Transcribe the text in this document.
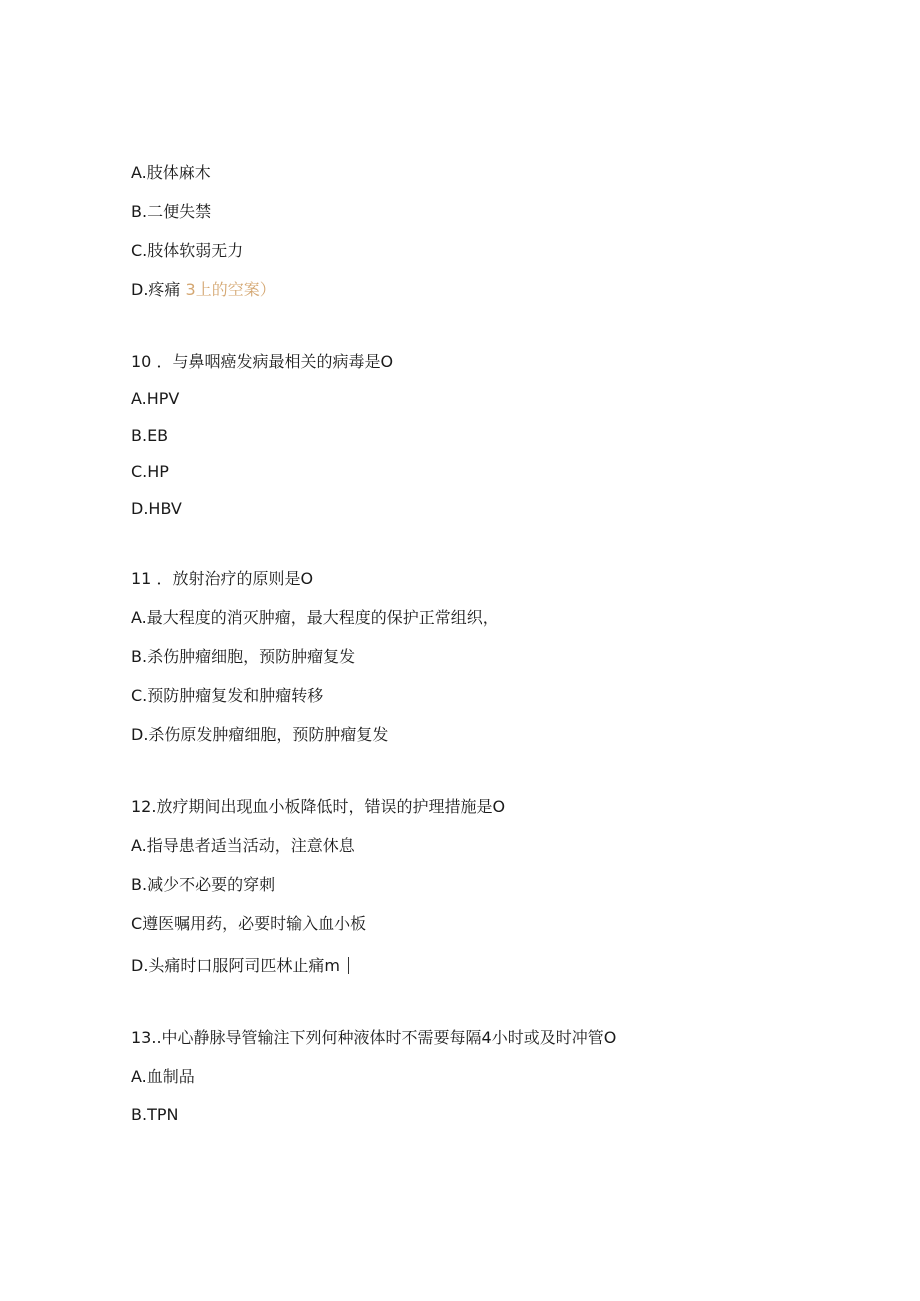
A.肢体麻木
B.二便失禁
C.肢体软弱无力
D.疼痛 3上的空案）
10 ．与鼻咽癌发病最相关的病毒是O
A.HPV
B.EB
C.HP
D.HBV
11 ．放射治疗的原则是O
A.最大程度的消灭肿瘤，最大程度的保护正常组织，
B.杀伤肿瘤细胞，预防肿瘤复发
C.预防肿瘤复发和肿瘤转移
D.杀伤原发肿瘤细胞，预防肿瘤复发
12.放疗期间出现血小板降低时，错误的护理措施是O
A.指导患者适当活动，注意休息
B.减少不必要的穿刺
C遵医嘱用药，必要时输入血小板
D.头痛时口服阿司匹林止痛m
13..中心静脉导管输注下列何种液体时不需要每隔4小时或及时冲管O
A.血制品
B.TPN
